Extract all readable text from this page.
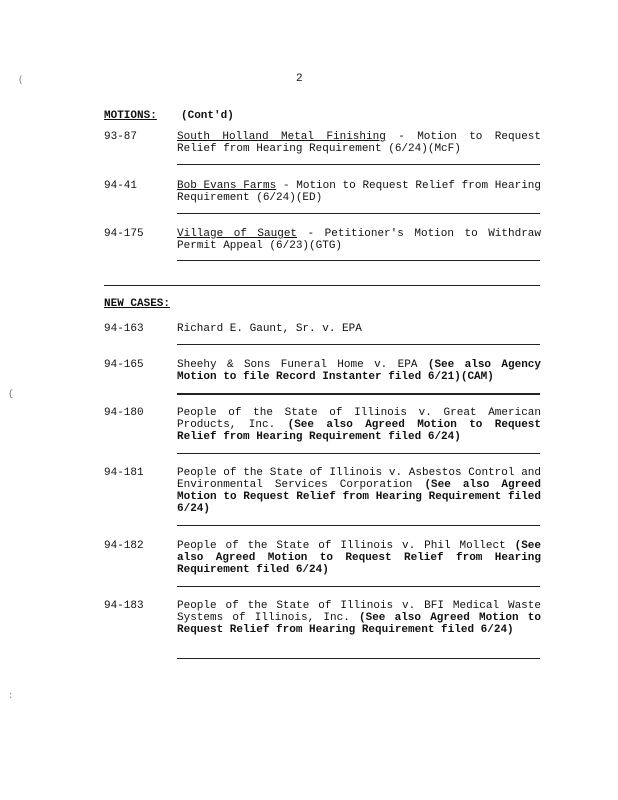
(
{
:
2
MOTIONS: (Cont'd)
93-87	South Holland Metal Finishing - Motion to Request Relief from Hearing Requirement (6/24)(McF)
94-41	Bob Evans Farms - Motion to Request Relief from Hearing Requirement (6/24)(ED)
94-175	Village of Sauget - Petitioner's Motion to Withdraw Permit Appeal (6/23)(GTG)
NEW CASES:
94-163	Richard E. Gaunt, Sr. v. EPA
94-165	Sheehy & Sons Funeral Home v. EPA (See also Agency Motion to file Record Instanter filed 6/21)(CAM)
94-180	People of the State of Illinois v. Great American Products, Inc. (See also Agreed Motion to Request Relief from Hearing Requirement filed 6/24)
94-181	People of the State of Illinois v. Asbestos Control and Environmental Services Corporation (See also Agreed Motion to Request Relief from Hearing Requirement filed 6/24)
94-182	People of the State of Illinois v. Phil Mollect (See also Agreed Motion to Request Relief from Hearing Requirement filed 6/24)
94-183	People of the State of Illinois v. BFI Medical Waste Systems of Illinois, Inc. (See also Agreed Motion to Request Relief from Hearing Requirement filed 6/24)
